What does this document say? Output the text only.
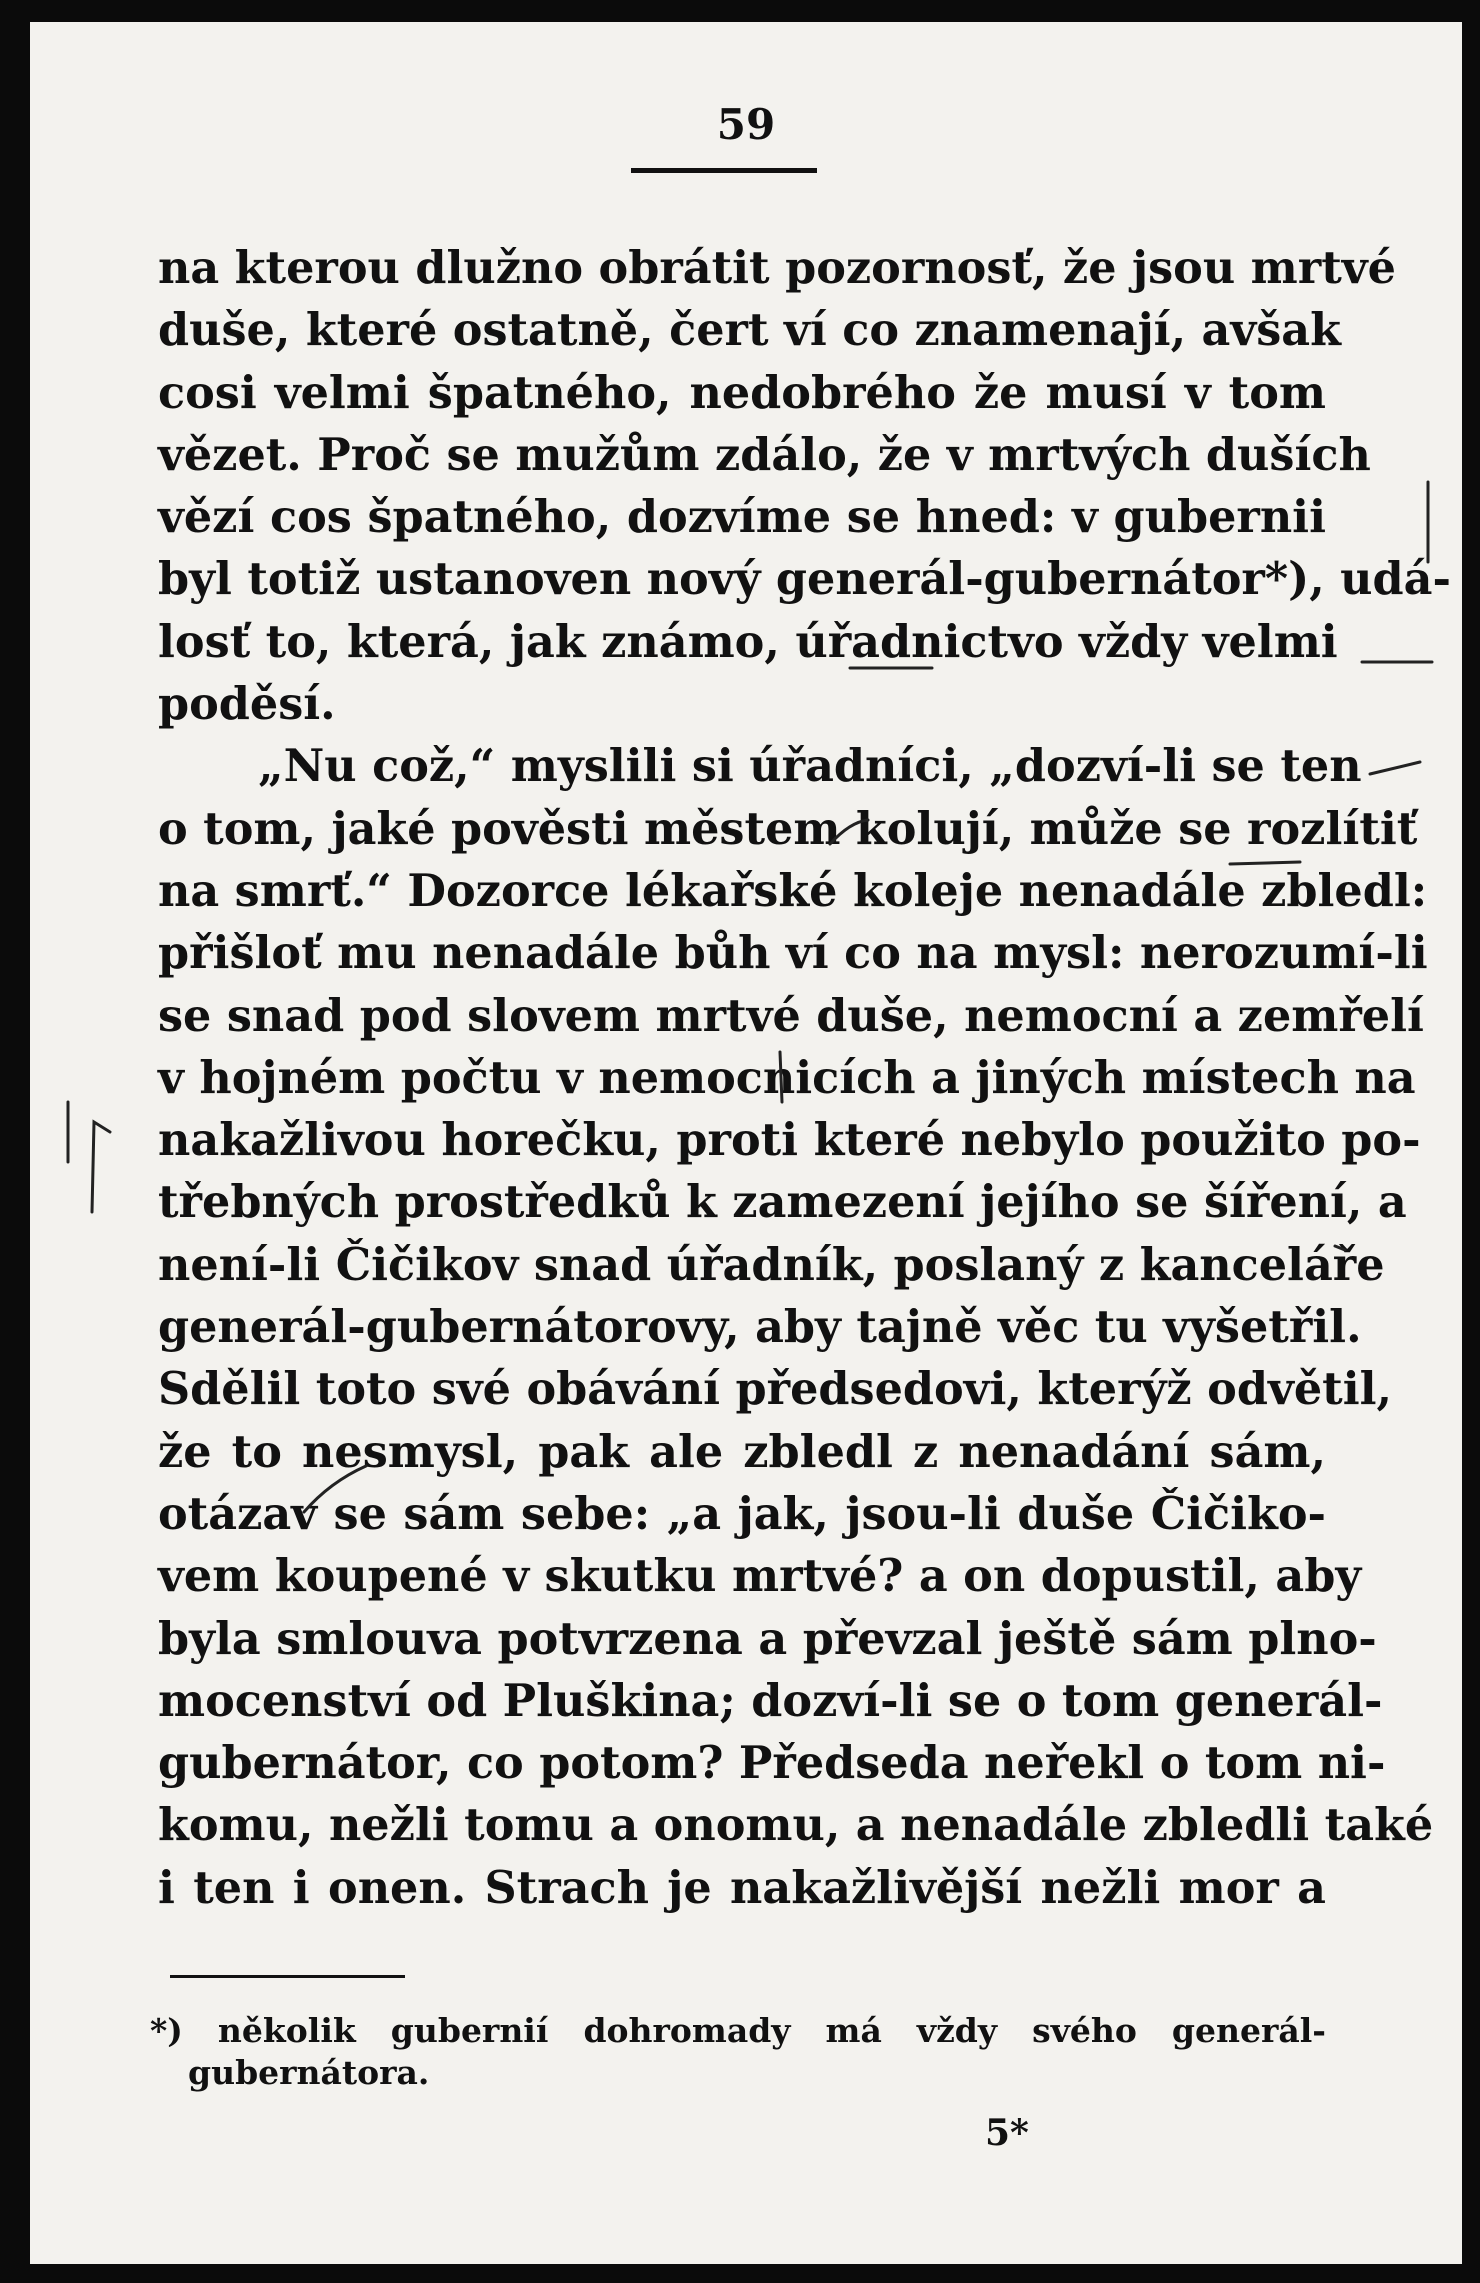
59
na kterou dlužno obrátit pozornosť, že jsou mrtvé
duše, které ostatně, čert ví co znamenají, avšak
cosi velmi špatného, nedobrého že musí v tom
vězet. Proč se mužům zdálo, že v mrtvých duších
vězí cos špatného, dozvíme se hned: v gubernii
byl totiž ustanoven nový generál-gubernátor*), udá-
losť to, která, jak známo, úřadnictvo vždy velmi
poděsí.
„Nu což,“ myslili si úřadníci, „dozví-li se ten
o tom, jaké pověsti městem kolují, může se rozlítiť
na smrť.“ Dozorce lékařské koleje nenadále zbledl:
přišloť mu nenadále bůh ví co na mysl: nerozumí-li
se snad pod slovem mrtvé duše, nemocní a zemřelí
v hojném počtu v nemocnicích a jiných místech na
nakažlivou horečku, proti které nebylo použito po-
třebných prostředků k zamezení jejího se šíření, a
není-li Čičikov snad úřadník, poslaný z kanceláře
generál-gubernátorovy, aby tajně věc tu vyšetřil.
Sdělil toto své obávání předsedovi, kterýž odvětil,
že to nesmysl, pak ale zbledl z nenadání sám,
otázav se sám sebe: „a jak, jsou-li duše Čičiko-
vem koupené v skutku mrtvé? a on dopustil, aby
byla smlouva potvrzena a převzal ještě sám plno-
mocenství od Pluškina; dozví-li se o tom generál-
gubernátor, co potom? Předseda neřekl o tom ni-
komu, nežli tomu a onomu, a nenadále zbledli také
i ten i onen. Strach je nakažlivější nežli mor a
*) několik gubernií dohromady má vždy svého generál-
gubernátora.
5*
